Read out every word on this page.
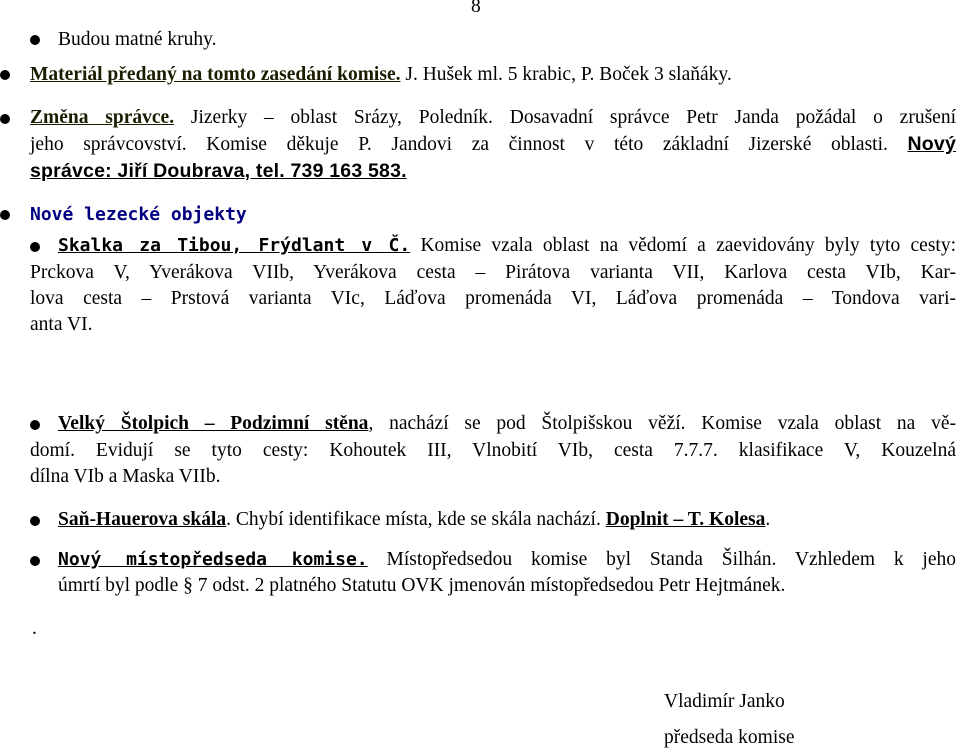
8
Budou matné kruhy.
Materiál předaný na tomto zasedání komise. J. Hušek ml. 5 krabic, P. Boček 3 slaňáky.
Změna správce. Jizerky – oblast Srázy, Poledník. Dosavadní správce Petr Janda požádal o zrušení
jeho správcovství. Komise děkuje P. Jandovi za činnost v této základní Jizerské oblasti. Nový
správce: Jiří Doubrava, tel. 739 163 583.
Nové lezecké objekty
Skalka za Tibou, Frýdlant v Č. Komise vzala oblast na vědomí a zaevidovány byly tyto cesty:
Prckova V, Yverákova VIIb, Yverákova cesta – Pirátova varianta VII, Karlova cesta VIb, Kar-
lova cesta – Prstová varianta VIc, Láďova promenáda VI, Láďova promenáda – Tondova vari-
anta VI.
Velký Štolpich – Podzimní stěna, nachází se pod Štolpišskou věží. Komise vzala oblast na vě-
domí. Evidují se tyto cesty: Kohoutek III, Vlnobití VIb, cesta 7.7.7. klasifikace V, Kouzelná
dílna VIb a Maska VIIb.
Saň-Hauerova skála. Chybí identifikace místa, kde se skála nachází. Doplnit – T. Kolesa.
Nový místopředseda komise. Místopředsedou komise byl Standa Šilhán. Vzhledem k jeho
úmrtí byl podle § 7 odst. 2 platného Statutu OVK jmenován místopředsedou Petr Hejtmánek.
.
Vladimír Janko
předseda komise
